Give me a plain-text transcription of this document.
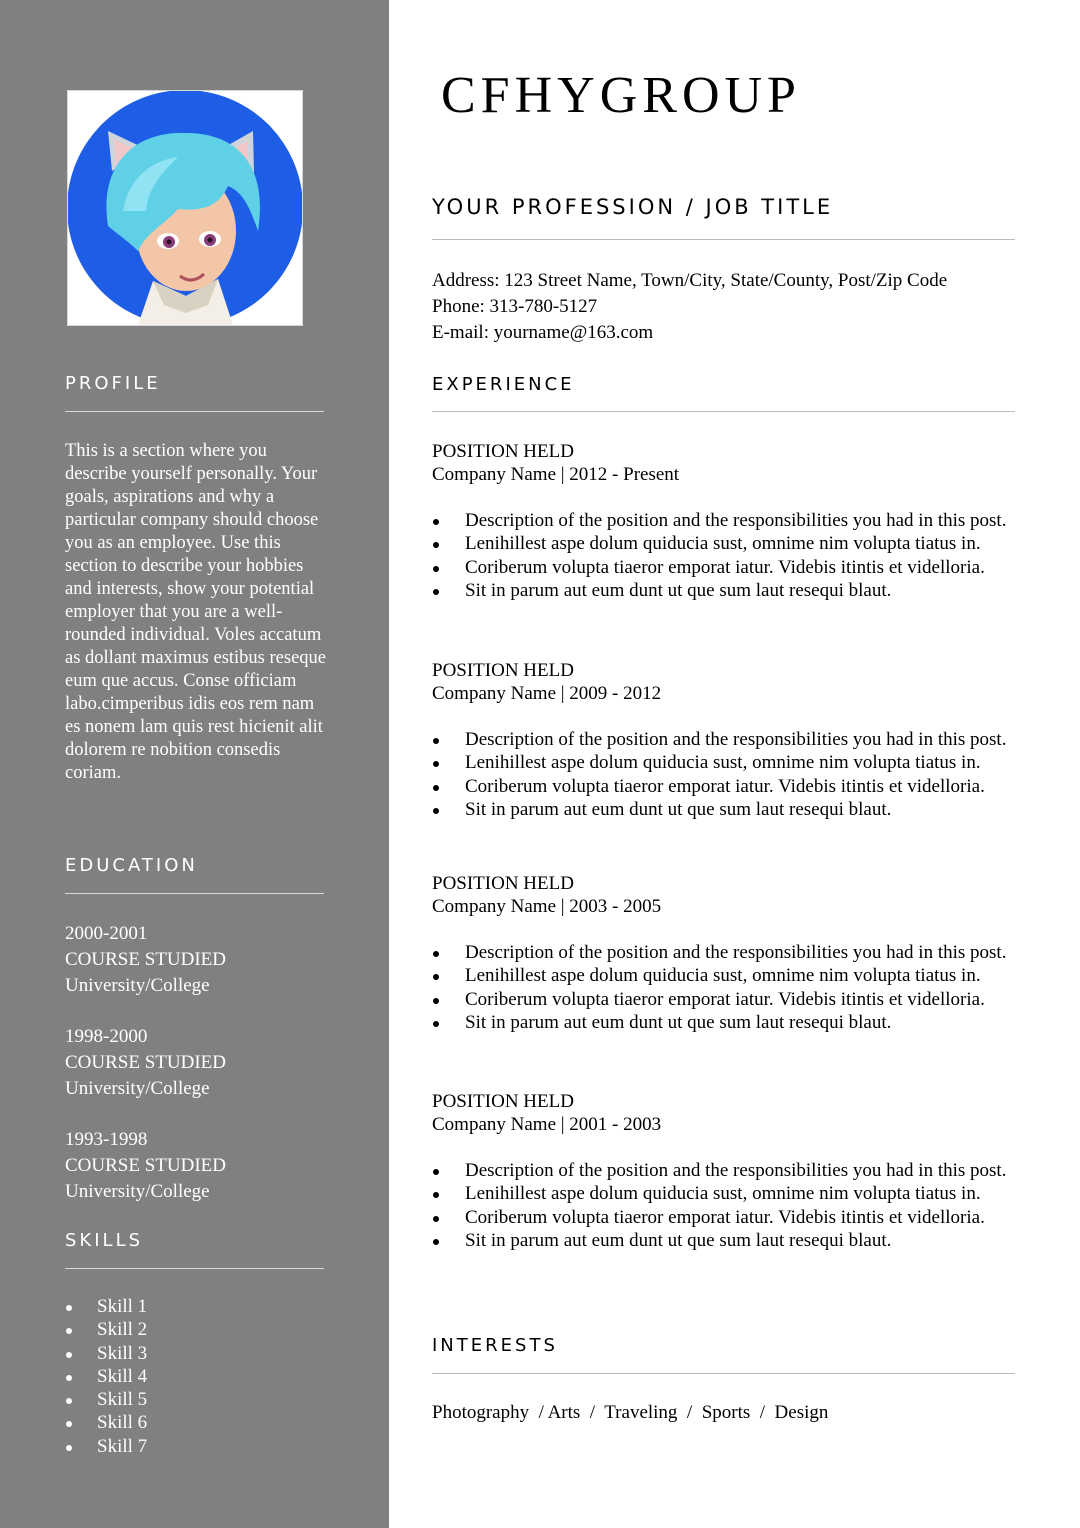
PROFILE

This is a section where you describe yourself personally. Your goals, aspirations and why a particular company should choose you as an employee. Use this section to describe your hobbies and interests, show your potential employer that you are a well-rounded individual. Voles accatum as dollant maximus estibus reseque eum que accus. Conse officiam labo.cimperibus idis eos rem nam es nonem lam quis rest hicienit alit dolorem re nobition consedis coriam.

EDUCATION
2000-2001
COURSE STUDIED
University/College
1998-2000
COURSE STUDIED
University/College
1993-1998
COURSE STUDIED
University/College
SKILLS
Skill 1
Skill 2
Skill 3
Skill 4
Skill 5
Skill 6
Skill 7
CFHYGROUP
YOUR PROFESSION / JOB TITLE
Address: 123 Street Name, Town/City, State/County, Post/Zip Code
Phone: 313-780-5127
E-mail: yourname@163.com
EXPERIENCE
POSITION HELD
Company Name | 2012 - Present
Description of the position and the responsibilities you had in this post.
Lenihillest aspe dolum quiducia sust, omnime nim volupta tiatus in.
Coriberum volupta tiaeror emporat iatur. Videbis itintis et videlloria.
Sit in parum aut eum dunt ut que sum laut resequi blaut.
POSITION HELD
Company Name | 2009 - 2012
Description of the position and the responsibilities you had in this post.
Lenihillest aspe dolum quiducia sust, omnime nim volupta tiatus in.
Coriberum volupta tiaeror emporat iatur. Videbis itintis et videlloria.
Sit in parum aut eum dunt ut que sum laut resequi blaut.
POSITION HELD
Company Name | 2003 - 2005
Description of the position and the responsibilities you had in this post.
Lenihillest aspe dolum quiducia sust, omnime nim volupta tiatus in.
Coriberum volupta tiaeror emporat iatur. Videbis itintis et videlloria.
Sit in parum aut eum dunt ut que sum laut resequi blaut.
POSITION HELD
Company Name | 2001 - 2003
Description of the position and the responsibilities you had in this post.
Lenihillest aspe dolum quiducia sust, omnime nim volupta tiatus in.
Coriberum volupta tiaeror emporat iatur. Videbis itintis et videlloria.
Sit in parum aut eum dunt ut que sum laut resequi blaut.
INTERESTS

Photography  / Arts  /  Traveling  /  Sports  /  Design
